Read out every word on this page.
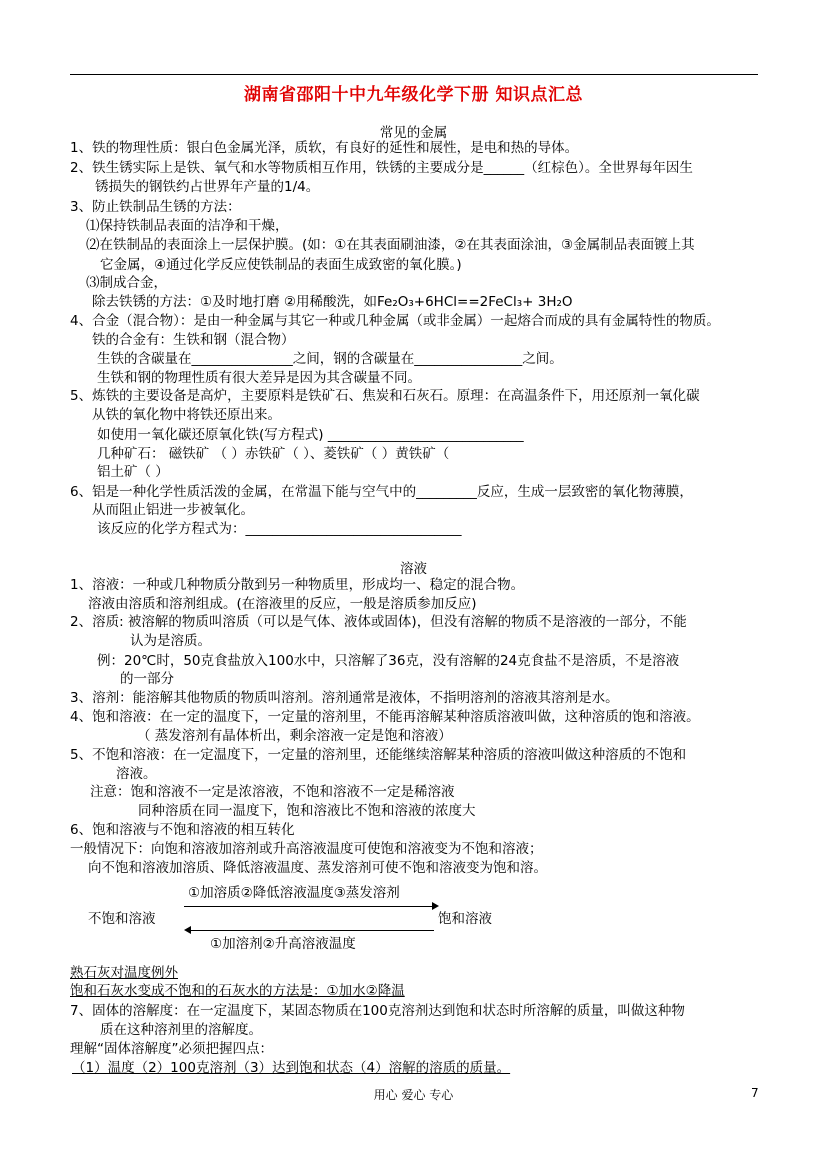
湖南省邵阳十中九年级化学下册 知识点汇总
常见的金属
1、铁的物理性质：银白色金属光泽，质软，有良好的延性和展性，是电和热的导体。
2、铁生锈实际上是铁、氧气和水等物质相互作用，铁锈的主要成分是______（红棕色）。全世界每年因生
锈损失的钢铁约占世界年产量的1/4。
3、防止铁制品生锈的方法：
⑴保持铁制品表面的洁净和干燥，
⑵在铁制品的表面涂上一层保护膜。(如：①在其表面刷油漆，②在其表面涂油，③金属制品表面镀上其
它金属，④通过化学反应使铁制品的表面生成致密的氧化膜。)
⑶制成合金，
除去铁锈的方法：①及时地打磨 ②用稀酸洗，如Fe₂O₃+6HCl==2FeCl₃+ 3H₂O
4、合金（混合物）：是由一种金属与其它一种或几种金属（或非金属）一起熔合而成的具有金属特性的物质。
铁的合金有：生铁和钢（混合物）
生铁的含碳量在_______________之间，钢的含碳量在________________之间。
生铁和钢的物理性质有很大差异是因为其含碳量不同。
5、炼铁的主要设备是高炉，主要原料是铁矿石、焦炭和石灰石。原理：在高温条件下，用还原剂一氧化碳
从铁的氧化物中将铁还原出来。
如使用一氧化碳还原氧化铁(写方程式) _____________________________
几种矿石： 磁铁矿 （ ）赤铁矿（ ）、菱铁矿（ ）黄铁矿（
铝土矿（ ）
6、铝是一种化学性质活泼的金属，在常温下能与空气中的_________反应，生成一层致密的氧化物薄膜，
从而阻止铝进一步被氧化。
该反应的化学方程式为：________________________________
溶液
1、溶液：一种或几种物质分散到另一种物质里，形成均一、稳定的混合物。
溶液由溶质和溶剂组成。(在溶液里的反应，一般是溶质参加反应)
2、溶质: 被溶解的物质叫溶质（可以是气体、液体或固体)，但没有溶解的物质不是溶液的一部分，不能
认为是溶质。
例：20℃时，50克食盐放入100水中，只溶解了36克，没有溶解的24克食盐不是溶质，不是溶液
的一部分
3、溶剂：能溶解其他物质的物质叫溶剂。溶剂通常是液体，不指明溶剂的溶液其溶剂是水。
4、饱和溶液：在一定的温度下，一定量的溶剂里，不能再溶解某种溶质溶液叫做，这种溶质的饱和溶液。
（ 蒸发溶剂有晶体析出，剩余溶液一定是饱和溶液）
5、不饱和溶液：在一定温度下，一定量的溶剂里，还能继续溶解某种溶质的溶液叫做这种溶质的不饱和
溶液。
注意：饱和溶液不一定是浓溶液，不饱和溶液不一定是稀溶液
同种溶质在同一温度下，饱和溶液比不饱和溶液的浓度大
6、饱和溶液与不饱和溶液的相互转化
一般情况下：向饱和溶液加溶剂或升高溶液温度可使饱和溶液变为不饱和溶液；
向不饱和溶液加溶质、降低溶液温度、蒸发溶剂可使不饱和溶液变为饱和溶。
①加溶质②降低溶液温度③蒸发溶剂
不饱和溶液	饱和溶液
①加溶剂②升高溶液温度
熟石灰对温度例外
饱和石灰水变成不饱和的石灰水的方法是：①加水②降温
7、固体的溶解度：在一定温度下，某固态物质在100克溶剂达到饱和状态时所溶解的质量，叫做这种物
质在这种溶剂里的溶解度。
理解“固体溶解度”必须把握四点：
（1）温度（2）100克溶剂（3）达到饱和状态（4）溶解的溶质的质量。
用心 爱心 专心	7
